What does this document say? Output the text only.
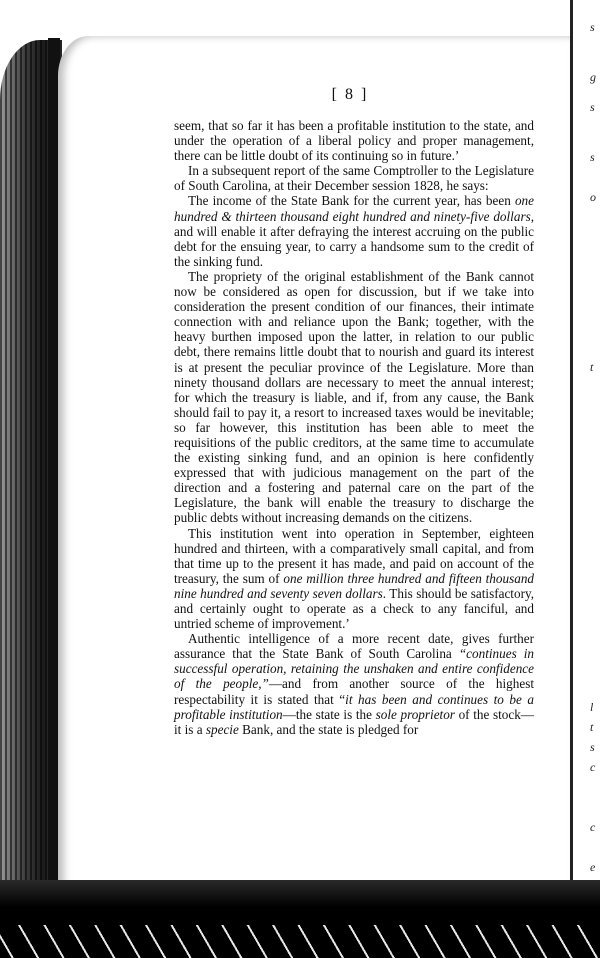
s
g
s
s
o
t
l
t
s
c
c
e
[ 8 ]

seem, that so far it has been a profitable institution to the state, and under the operation of a liberal policy and proper management, there can be little doubt of its continuing so in future.’

In a subsequent report of the same Comptroller to the Legislature of South Carolina, at their December session 1828, he says:

The income of the State Bank for the current year, has been one hundred & thirteen thousand eight hundred and ninety-five dollars, and will enable it after defraying the interest accruing on the public debt for the ensuing year, to carry a handsome sum to the credit of the sinking fund.

The propriety of the original establishment of the Bank cannot now be considered as open for discussion, but if we take into consideration the present condition of our finances, their intimate connection with and reliance upon the Bank; together, with the heavy burthen imposed upon the latter, in relation to our public debt, there remains little doubt that to nourish and guard its interest is at present the peculiar province of the Legislature. More than ninety thousand dollars are necessary to meet the annual interest; for which the treasury is liable, and if, from any cause, the Bank should fail to pay it, a resort to increased taxes would be inevitable; so far however, this institution has been able to meet the requisitions of the public creditors, at the same time to accumulate the existing sinking fund, and an opinion is here confidently expressed that with judicious management on the part of the direction and a fostering and paternal care on the part of the Legislature, the bank will enable the treasury to discharge the public debts without increasing demands on the citizens.

This institution went into operation in September, eighteen hundred and thirteen, with a comparatively small capital, and from that time up to the present it has made, and paid on account of the treasury, the sum of one million three hundred and fifteen thousand nine hundred and seventy seven dollars. This should be satisfactory, and certainly ought to operate as a check to any fanciful, and untried scheme of improvement.’

Authentic intelligence of a more recent date, gives further assurance that the State Bank of South Carolina “continues in successful operation, retaining the unshaken and entire confidence of the people,”—and from another source of the highest respectability it is stated that “it has been and continues to be a profitable institution—the state is the sole proprietor of the stock—it is a specie Bank, and the state is pledged for
